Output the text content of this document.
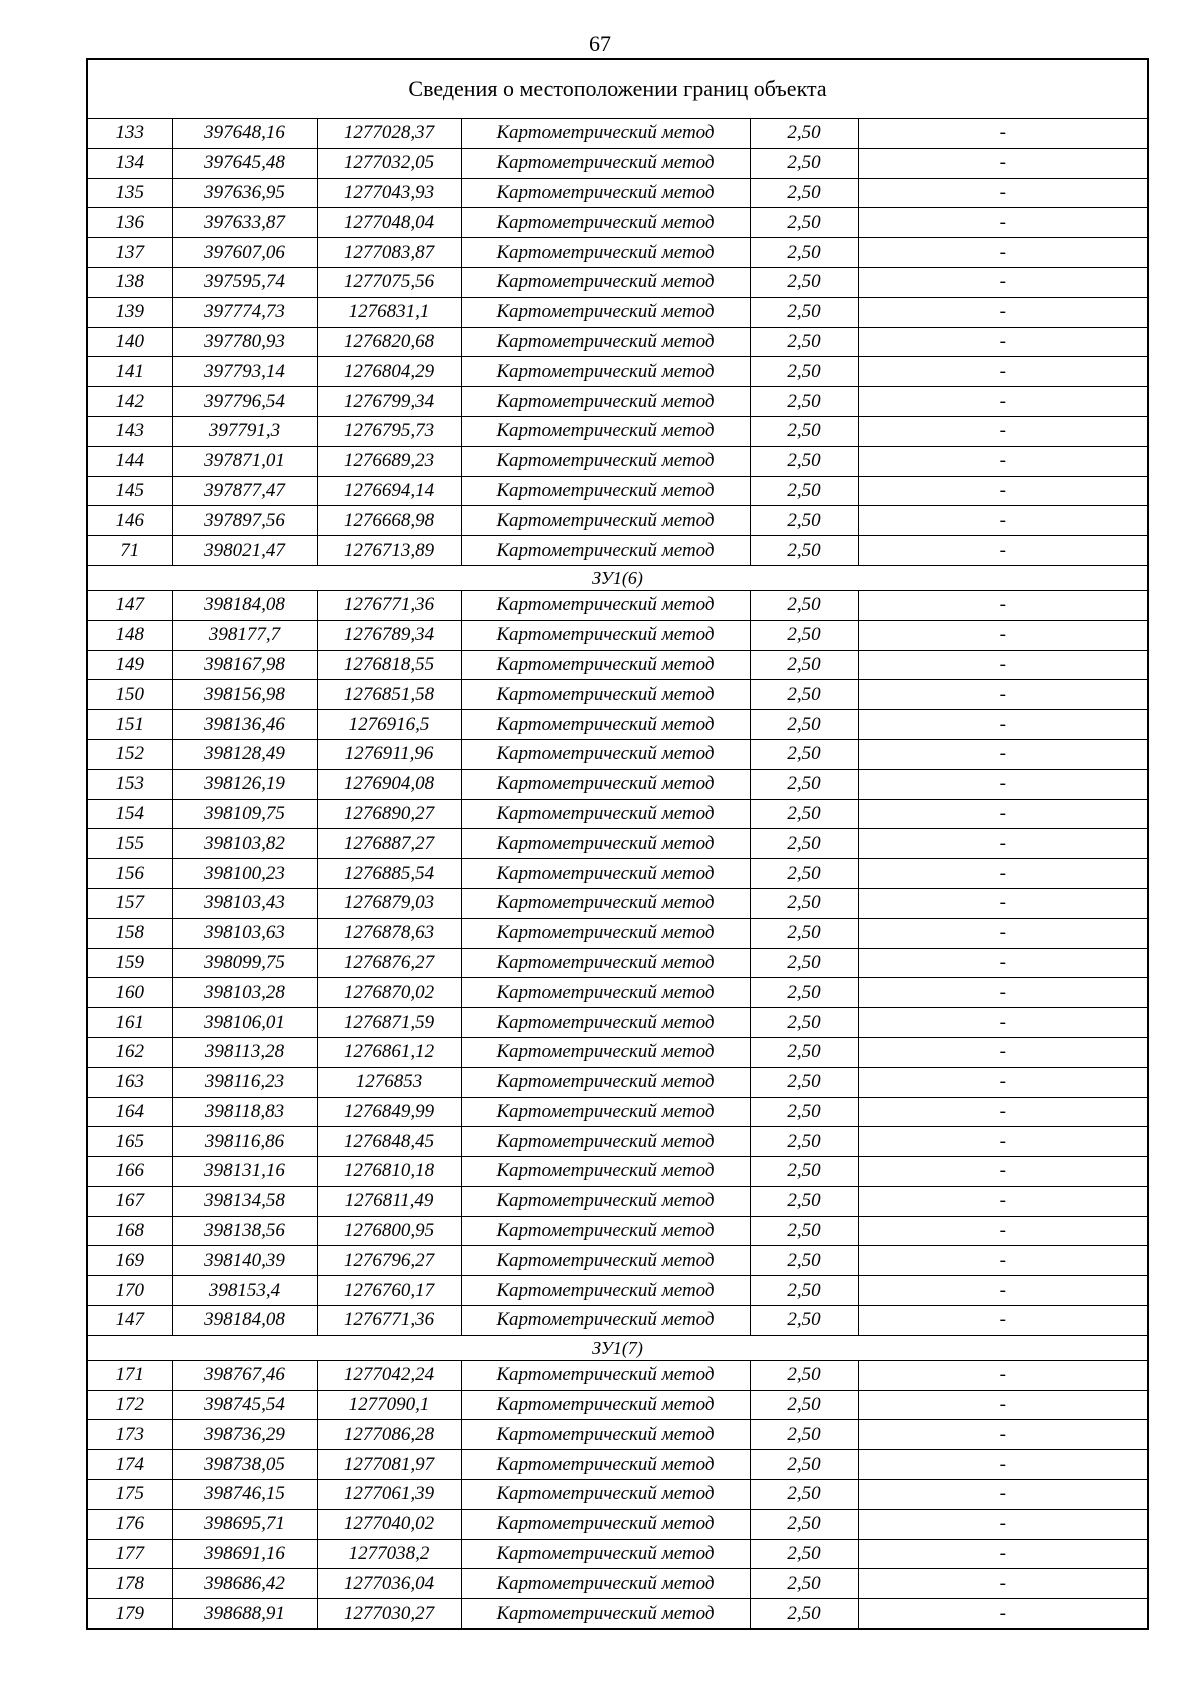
67
Сведения о местоположении границ объекта					
133	397648,16	1277028,37	Картометрический метод	2,50	-
134	397645,48	1277032,05	Картометрический метод	2,50	-
135	397636,95	1277043,93	Картометрический метод	2,50	-
136	397633,87	1277048,04	Картометрический метод	2,50	-
137	397607,06	1277083,87	Картометрический метод	2,50	-
138	397595,74	1277075,56	Картометрический метод	2,50	-
139	397774,73	1276831,1	Картометрический метод	2,50	-
140	397780,93	1276820,68	Картометрический метод	2,50	-
141	397793,14	1276804,29	Картометрический метод	2,50	-
142	397796,54	1276799,34	Картометрический метод	2,50	-
143	397791,3	1276795,73	Картометрический метод	2,50	-
144	397871,01	1276689,23	Картометрический метод	2,50	-
145	397877,47	1276694,14	Картометрический метод	2,50	-
146	397897,56	1276668,98	Картометрический метод	2,50	-
71	398021,47	1276713,89	Картометрический метод	2,50	-
ЗУ1(6)					
147	398184,08	1276771,36	Картометрический метод	2,50	-
148	398177,7	1276789,34	Картометрический метод	2,50	-
149	398167,98	1276818,55	Картометрический метод	2,50	-
150	398156,98	1276851,58	Картометрический метод	2,50	-
151	398136,46	1276916,5	Картометрический метод	2,50	-
152	398128,49	1276911,96	Картометрический метод	2,50	-
153	398126,19	1276904,08	Картометрический метод	2,50	-
154	398109,75	1276890,27	Картометрический метод	2,50	-
155	398103,82	1276887,27	Картометрический метод	2,50	-
156	398100,23	1276885,54	Картометрический метод	2,50	-
157	398103,43	1276879,03	Картометрический метод	2,50	-
158	398103,63	1276878,63	Картометрический метод	2,50	-
159	398099,75	1276876,27	Картометрический метод	2,50	-
160	398103,28	1276870,02	Картометрический метод	2,50	-
161	398106,01	1276871,59	Картометрический метод	2,50	-
162	398113,28	1276861,12	Картометрический метод	2,50	-
163	398116,23	1276853	Картометрический метод	2,50	-
164	398118,83	1276849,99	Картометрический метод	2,50	-
165	398116,86	1276848,45	Картометрический метод	2,50	-
166	398131,16	1276810,18	Картометрический метод	2,50	-
167	398134,58	1276811,49	Картометрический метод	2,50	-
168	398138,56	1276800,95	Картометрический метод	2,50	-
169	398140,39	1276796,27	Картометрический метод	2,50	-
170	398153,4	1276760,17	Картометрический метод	2,50	-
147	398184,08	1276771,36	Картометрический метод	2,50	-
ЗУ1(7)					
171	398767,46	1277042,24	Картометрический метод	2,50	-
172	398745,54	1277090,1	Картометрический метод	2,50	-
173	398736,29	1277086,28	Картометрический метод	2,50	-
174	398738,05	1277081,97	Картометрический метод	2,50	-
175	398746,15	1277061,39	Картометрический метод	2,50	-
176	398695,71	1277040,02	Картометрический метод	2,50	-
177	398691,16	1277038,2	Картометрический метод	2,50	-
178	398686,42	1277036,04	Картометрический метод	2,50	-
179	398688,91	1277030,27	Картометрический метод	2,50	-
